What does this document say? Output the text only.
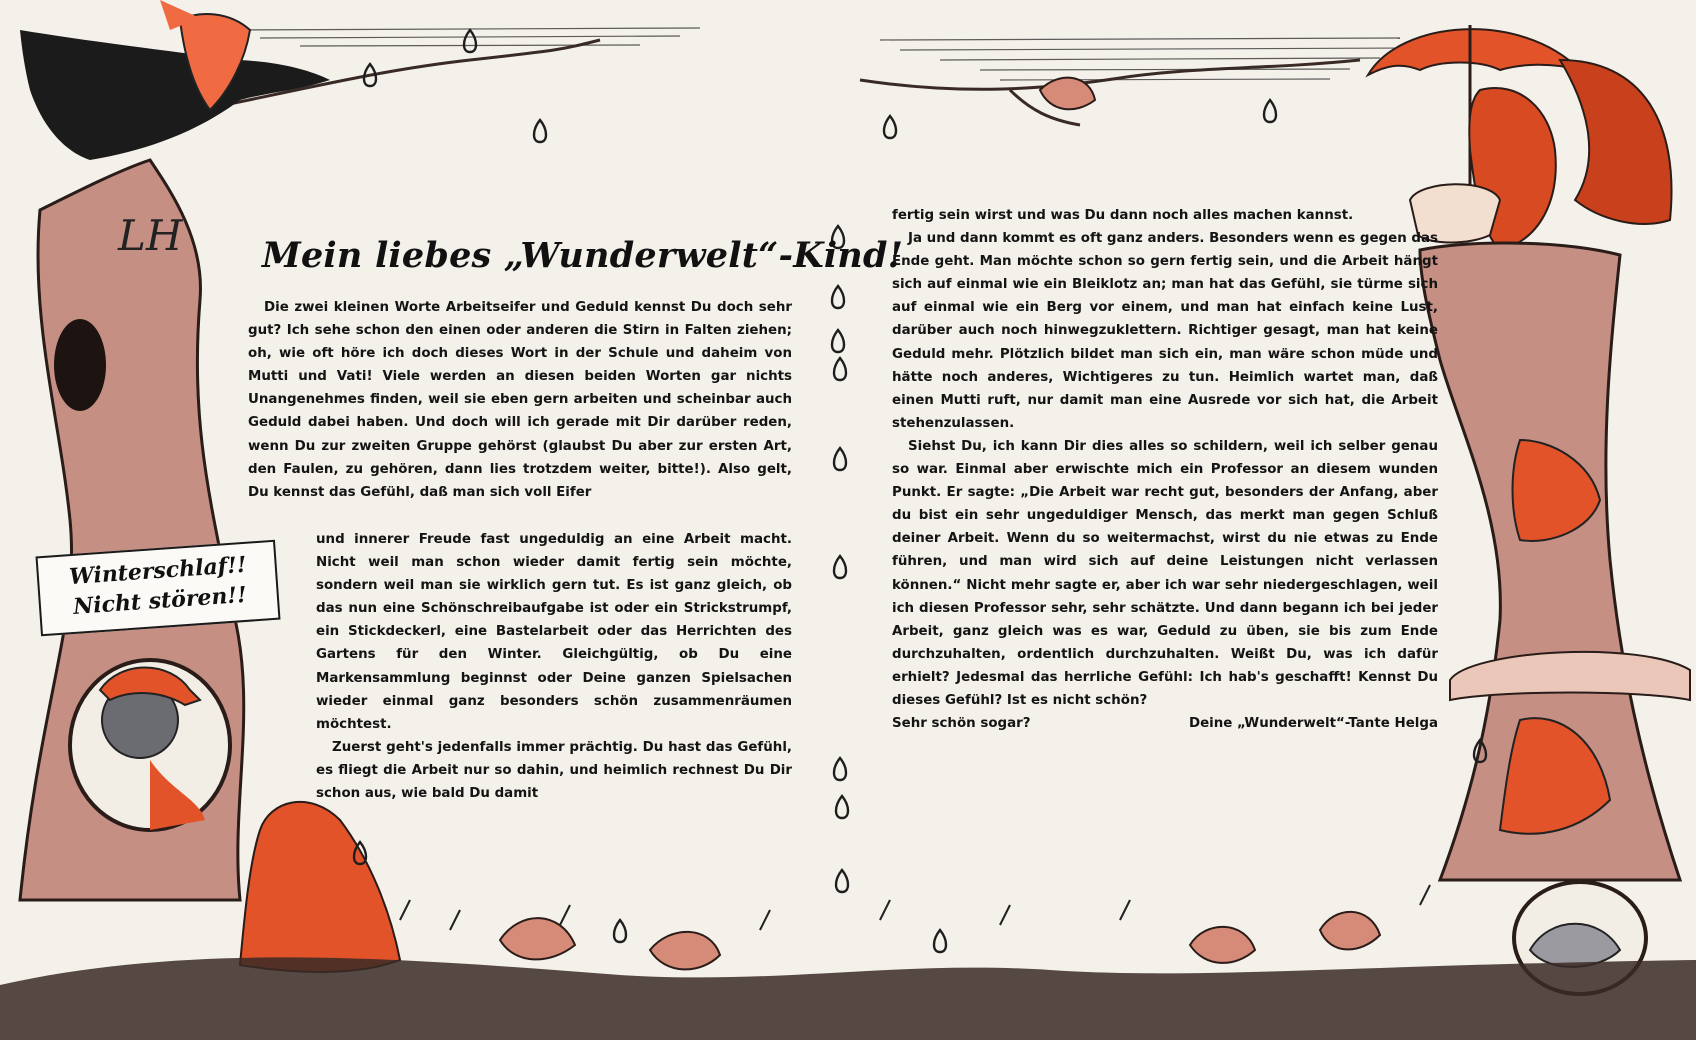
LH
Winterschlaf!!
Nicht stören!!
Mein liebes „Wunderwelt“-Kind!

Die zwei kleinen Worte Arbeitseifer und Geduld kennst Du doch sehr gut? Ich sehe schon den einen oder anderen die Stirn in Falten ziehen; oh, wie oft höre ich doch dieses Wort in der Schule und daheim von Mutti und Vati! Viele werden an diesen beiden Worten gar nichts Unangenehmes finden, weil sie eben gern arbeiten und scheinbar auch Geduld dabei haben. Und doch will ich gerade mit Dir darüber reden, wenn Du zur zweiten Gruppe gehörst (glaubst Du aber zur ersten Art, den Faulen, zu gehören, dann lies trotzdem weiter, bitte!). Also gelt, Du kennst das Gefühl, daß man sich voll Eifer

und innerer Freude fast ungeduldig an eine Arbeit macht. Nicht weil man schon wieder damit fertig sein möchte, sondern weil man sie wirklich gern tut. Es ist ganz gleich, ob das nun eine Schönschreibaufgabe ist oder ein Strickstrumpf, ein Stickdeckerl, eine Bastelarbeit oder das Herrichten des Gartens für den Winter. Gleichgültig, ob Du eine Markensammlung beginnst oder Deine ganzen Spielsachen wieder einmal ganz besonders schön zusammenräumen möchtest.

Zuerst geht's jedenfalls immer prächtig. Du hast das Gefühl, es fliegt die Arbeit nur so dahin, und heimlich rechnest Du Dir schon aus, wie bald Du damit

fertig sein wirst und was Du dann noch alles machen kannst.

Ja und dann kommt es oft ganz anders. Besonders wenn es gegen das Ende geht. Man möchte schon so gern fertig sein, und die Arbeit hängt sich auf einmal wie ein Bleiklotz an; man hat das Gefühl, sie türme sich auf einmal wie ein Berg vor einem, und man hat einfach keine Lust, darüber auch noch hinwegzuklettern. Richtiger gesagt, man hat keine Geduld mehr. Plötzlich bildet man sich ein, man wäre schon müde und hätte noch anderes, Wichtigeres zu tun. Heimlich wartet man, daß einen Mutti ruft, nur damit man eine Ausrede vor sich hat, die Arbeit stehenzulassen.

Siehst Du, ich kann Dir dies alles so schildern, weil ich selber genau so war. Einmal aber erwischte mich ein Professor an diesem wunden Punkt. Er sagte: „Die Arbeit war recht gut, besonders der Anfang, aber du bist ein sehr ungeduldiger Mensch, das merkt man gegen Schluß deiner Arbeit. Wenn du so weitermachst, wirst du nie etwas zu Ende führen, und man wird sich auf deine Leistungen nicht verlassen können.“ Nicht mehr sagte er, aber ich war sehr niedergeschlagen, weil ich diesen Professor sehr, sehr schätzte. Und dann begann ich bei jeder Arbeit, ganz gleich was es war, Geduld zu üben, sie bis zum Ende durchzuhalten, ordentlich durchzuhalten. Weißt Du, was ich dafür erhielt? Jedesmal das herrliche Gefühl: Ich hab's geschafft! Kennst Du dieses Gefühl? Ist es nicht schön?

Sehr schön sogar?	Deine „Wunderwelt“-Tante Helga
